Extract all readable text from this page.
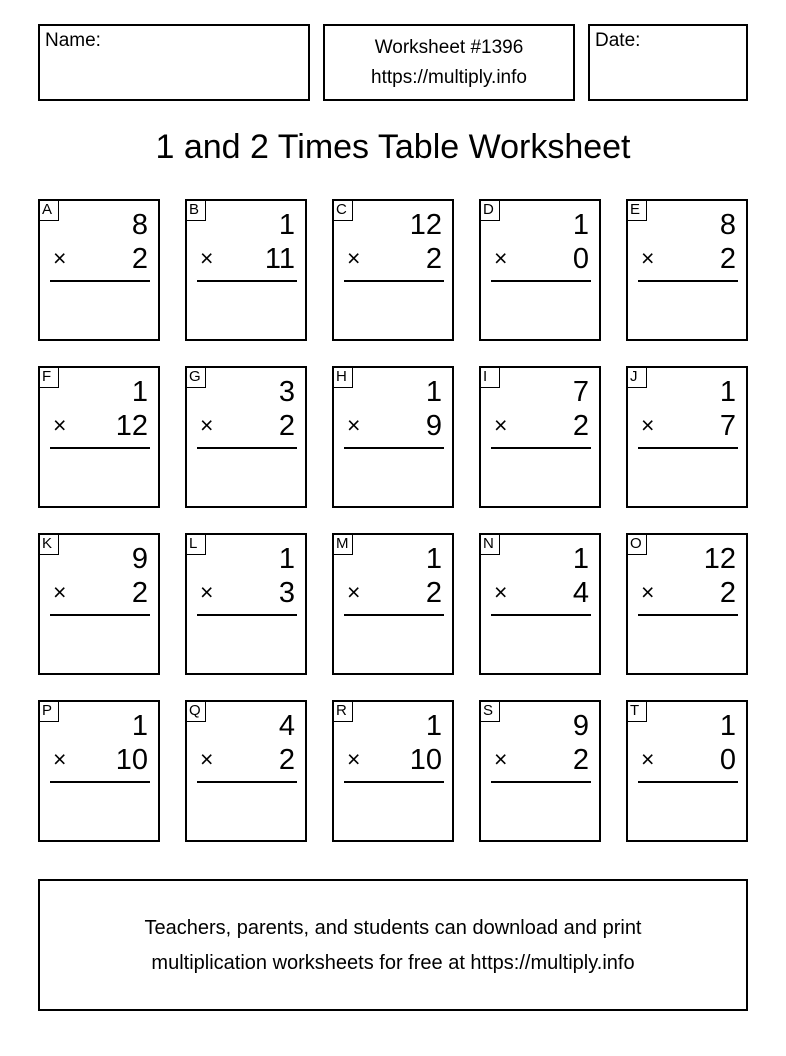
Name:	Worksheet #1396
https://multiply.info
Date:
1 and 2 Times Table Worksheet
A	8
× 2
B	1
× 11
C 12
× 2
D	1
× 0
E	8
× 2
F	1
× 12
G	3
× 2
H	1
× 9
I	7
× 2
J	1
× 7
K	9
× 2
L	1
× 3
M	1
× 2
N	1
× 4
O 12
× 2
P	1
× 10
Q	4
× 2
R	1
× 10
S	9
× 2
T	1
× 0
Teachers, parents, and students can download and print
multiplication worksheets for free at https://multiply.info
